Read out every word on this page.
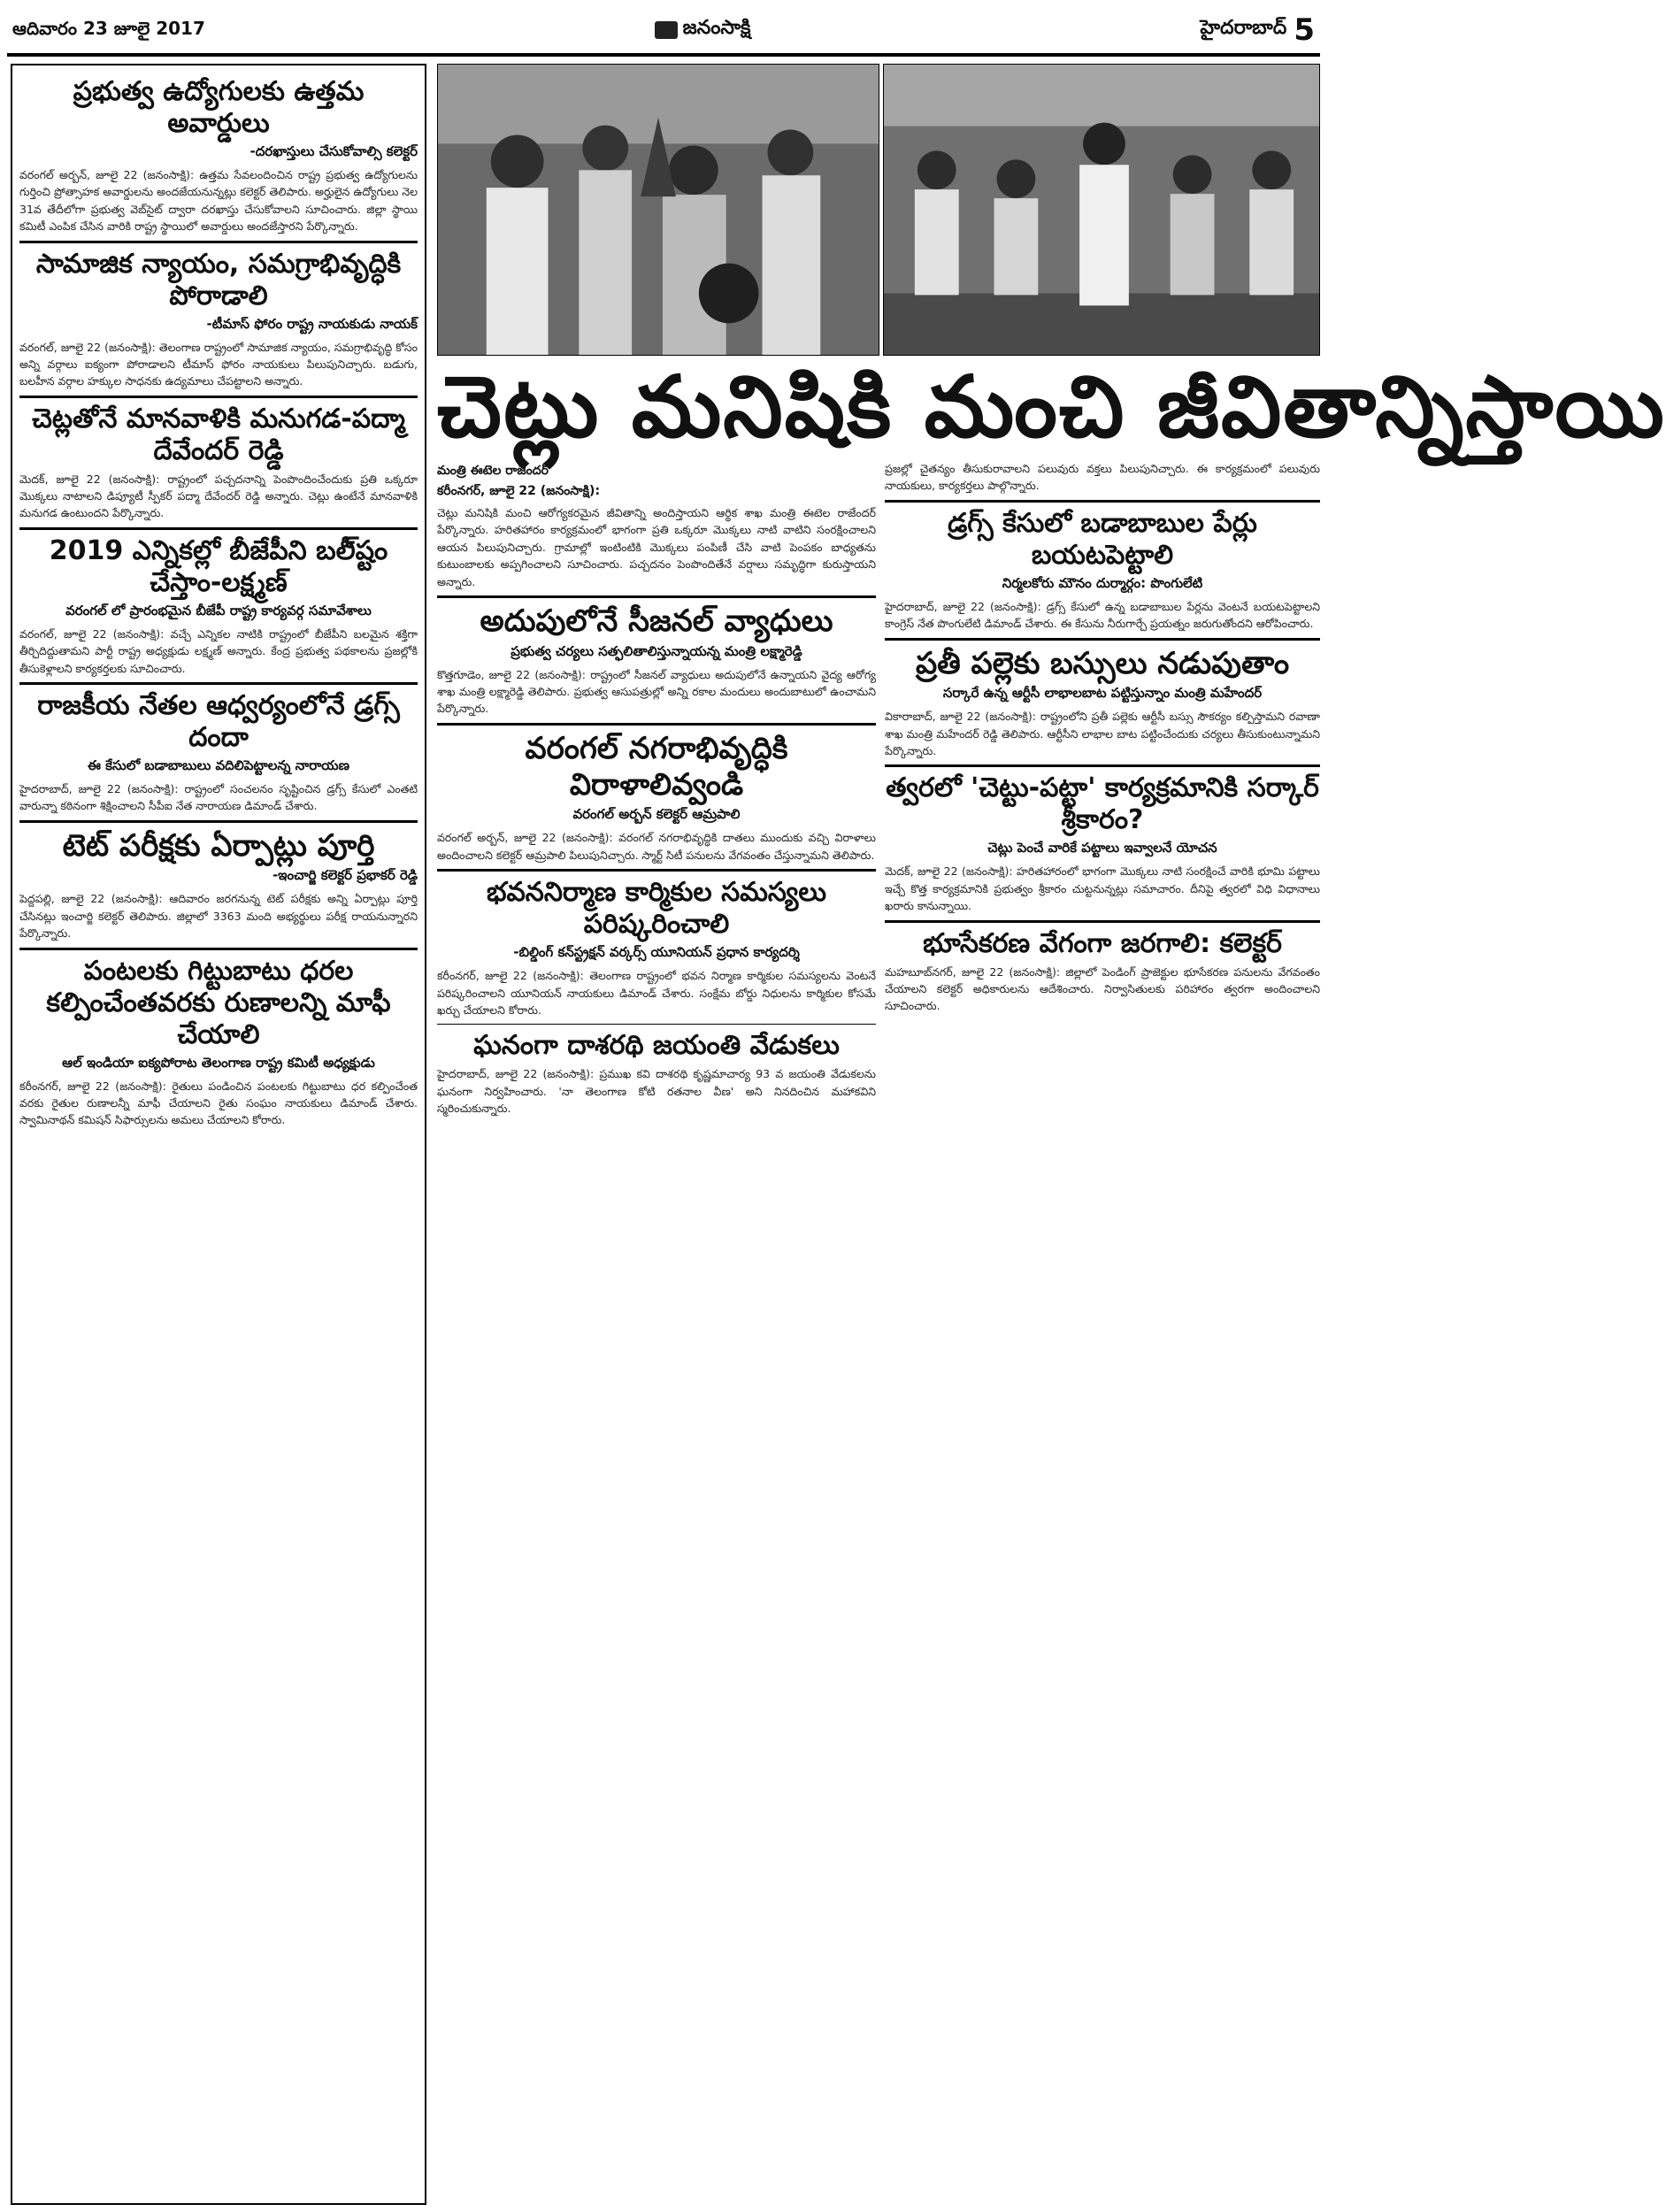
ఆదివారం 23 జూలై 2017	జనంసాక్షి	హైదరాబాద్ 5
ప్రభుత్వ ఉద్యోగులకు ఉత్తమ అవార్డులు
-దరఖాస్తులు చేసుకోవాల్సి కలెక్టర్

వరంగల్ అర్బన్, జూలై 22 (జనంసాక్షి): ఉత్తమ సేవలందించిన రాష్ట్ర ప్రభుత్వ ఉద్యోగులను గుర్తించి ప్రోత్సాహక అవార్డులను అందజేయనున్నట్లు కలెక్టర్ తెలిపారు. అర్హులైన ఉద్యోగులు నెల 31వ తేదీలోగా ప్రభుత్వ వెబ్‌సైట్ ద్వారా దరఖాస్తు చేసుకోవాలని సూచించారు. జిల్లా స్థాయి కమిటీ ఎంపిక చేసిన వారికి రాష్ట్ర స్థాయిలో అవార్డులు అందజేస్తారని పేర్కొన్నారు.

సామాజిక న్యాయం, సమగ్రాభివృద్ధికి పోరాడాలి
-టీమాస్ ఫోరం రాష్ట్ర నాయకుడు నాయక్

వరంగల్, జూలై 22 (జనంసాక్షి): తెలంగాణ రాష్ట్రంలో సామాజిక న్యాయం, సమగ్రాభివృద్ధి కోసం అన్ని వర్గాలు ఐక్యంగా పోరాడాలని టీమాస్ ఫోరం నాయకులు పిలుపునిచ్చారు. బడుగు, బలహీన వర్గాల హక్కుల సాధనకు ఉద్యమాలు చేపట్టాలని అన్నారు.

చెట్లతోనే మానవాళికి మనుగడ-పద్మా దేవేందర్ రెడ్డి

మెదక్, జూలై 22 (జనంసాక్షి): రాష్ట్రంలో పచ్చదనాన్ని పెంపొందించేందుకు ప్రతి ఒక్కరూ మొక్కలు నాటాలని డిప్యూటీ స్పీకర్ పద్మా దేవేందర్ రెడ్డి అన్నారు. చెట్లు ఉంటేనే మానవాళికి మనుగడ ఉంటుందని పేర్కొన్నారు.

2019 ఎన్నికల్లో బీజేపీని బలీ్ష్టం చేస్తాం-లక్ష్మణ్
వరంగల్ లో ప్రారంభమైన బీజేపీ రాష్ట్ర కార్యవర్గ సమావేశాలు

వరంగల్, జూలై 22 (జనంసాక్షి): వచ్చే ఎన్నికల నాటికి రాష్ట్రంలో బీజేపీని బలమైన శక్తిగా తీర్చిదిద్దుతామని పార్టీ రాష్ట్ర అధ్యక్షుడు లక్ష్మణ్ అన్నారు. కేంద్ర ప్రభుత్వ పథకాలను ప్రజల్లోకి తీసుకెళ్లాలని కార్యకర్తలకు సూచించారు.

రాజకీయ నేతల ఆధ్వర్యంలోనే డ్రగ్స్ దందా
ఈ కేసులో బడాబాబులు వదిలిపెట్టాలన్న నారాయణ

హైదరాబాద్, జూలై 22 (జనంసాక్షి): రాష్ట్రంలో సంచలనం సృష్టించిన డ్రగ్స్ కేసులో ఎంతటి వారున్నా కఠినంగా శిక్షించాలని సీపీఐ నేత నారాయణ డిమాండ్ చేశారు.

టెట్ పరీక్షకు ఏర్పాట్లు పూర్తి
-ఇంచార్జి కలెక్టర్ ప్రభాకర్ రెడ్డి

పెద్దపల్లి, జూలై 22 (జనంసాక్షి): ఆదివారం జరగనున్న టెట్ పరీక్షకు అన్ని ఏర్పాట్లు పూర్తి చేసినట్లు ఇంచార్జి కలెక్టర్ తెలిపారు. జిల్లాలో 3363 మంది అభ్యర్థులు పరీక్ష రాయనున్నారని పేర్కొన్నారు.

పంటలకు గిట్టుబాటు ధరల కల్పించేంతవరకు రుణాలన్ని మాఫీ చేయాలి
ఆల్ ఇండియా ఐక్యపోరాట తెలంగాణ రాష్ట్ర కమిటీ అధ్యక్షుడు

కరీంనగర్, జూలై 22 (జనంసాక్షి): రైతులు పండించిన పంటలకు గిట్టుబాటు ధర కల్పించేంత వరకు రైతుల రుణాలన్నీ మాఫీ చేయాలని రైతు సంఘం నాయకులు డిమాండ్ చేశారు. స్వామినాథన్ కమిషన్ సిఫార్సులను అమలు చేయాలని కోరారు.

చెట్లు మనిషికి మంచి జీవితాన్నిస్తాయి
మంత్రి ఈటెల రాజేందర్
కరీంనగర్, జూలై 22 (జనంసాక్షి):

చెట్లు మనిషికి మంచి ఆరోగ్యకరమైన జీవితాన్ని అందిస్తాయని ఆర్థిక శాఖ మంత్రి ఈటెల రాజేందర్ పేర్కొన్నారు. హరితహారం కార్యక్రమంలో భాగంగా ప్రతి ఒక్కరూ మొక్కలు నాటి వాటిని సంరక్షించాలని ఆయన పిలుపునిచ్చారు. గ్రామాల్లో ఇంటింటికి మొక్కలు పంపిణీ చేసి వాటి పెంపకం బాధ్యతను కుటుంబాలకు అప్పగించాలని సూచించారు. పచ్చదనం పెంపొందితేనే వర్షాలు సమృద్ధిగా కురుస్తాయని అన్నారు.

అదుపులోనే సీజనల్ వ్యాధులు
ప్రభుత్వ చర్యలు సత్ఫలితాలిస్తున్నాయన్న మంత్రి లక్ష్మారెడ్డి

కొత్తగూడెం, జూలై 22 (జనంసాక్షి): రాష్ట్రంలో సీజనల్ వ్యాధులు అదుపులోనే ఉన్నాయని వైద్య ఆరోగ్య శాఖ మంత్రి లక్ష్మారెడ్డి తెలిపారు. ప్రభుత్వ ఆసుపత్రుల్లో అన్ని రకాల మందులు అందుబాటులో ఉంచామని పేర్కొన్నారు.

వరంగల్ నగరాభివృద్ధికి విరాళాలివ్వండి
వరంగల్ అర్బన్ కలెక్టర్ ఆమ్రపాలి

వరంగల్ అర్బన్, జూలై 22 (జనంసాక్షి): వరంగల్ నగరాభివృద్ధికి దాతలు ముందుకు వచ్చి విరాళాలు అందించాలని కలెక్టర్ ఆమ్రపాలి పిలుపునిచ్చారు. స్మార్ట్ సిటీ పనులను వేగవంతం చేస్తున్నామని తెలిపారు.

భవననిర్మాణ కార్మికుల సమస్యలు పరిష్కరించాలి
-బిల్డింగ్ కన్‌స్ట్రక్షన్ వర్కర్స్ యూనియన్ ప్రధాన కార్యదర్శి

కరీంనగర్, జూలై 22 (జనంసాక్షి): తెలంగాణ రాష్ట్రంలో భవన నిర్మాణ కార్మికుల సమస్యలను వెంటనే పరిష్కరించాలని యూనియన్ నాయకులు డిమాండ్ చేశారు. సంక్షేమ బోర్డు నిధులను కార్మికుల కోసమే ఖర్చు చేయాలని కోరారు.

ఘనంగా దాశరథి జయంతి వేడుకలు

హైదరాబాద్, జూలై 22 (జనంసాక్షి): ప్రముఖ కవి దాశరథి కృష్ణమాచార్య 93 వ జయంతి వేడుకలను ఘనంగా నిర్వహించారు. 'నా తెలంగాణ కోటి రతనాల వీణ' అని నినదించిన మహాకవిని స్మరించుకున్నారు.

ప్రజల్లో చైతన్యం తీసుకురావాలని పలువురు వక్తలు పిలుపునిచ్చారు. ఈ కార్యక్రమంలో పలువురు నాయకులు, కార్యకర్తలు పాల్గొన్నారు.

డ్రగ్స్ కేసులో బడాబాబుల పేర్లు బయటపెట్టాలి
నిర్మలకోరు మౌనం దుర్మార్గం: పొంగులేటి

హైదరాబాద్, జూలై 22 (జనంసాక్షి): డ్రగ్స్ కేసులో ఉన్న బడాబాబుల పేర్లను వెంటనే బయటపెట్టాలని కాంగ్రెస్ నేత పొంగులేటి డిమాండ్ చేశారు. ఈ కేసును నీరుగార్చే ప్రయత్నం జరుగుతోందని ఆరోపించారు.

ప్రతీ పల్లెకు బస్సులు నడుపుతాం
సర్కారే ఉన్న ఆర్టీసీ లాభాలబాట పట్టిస్తున్నాం మంత్రి మహేందర్

వికారాబాద్, జూలై 22 (జనంసాక్షి): రాష్ట్రంలోని ప్రతీ పల్లెకు ఆర్టీసీ బస్సు సౌకర్యం కల్పిస్తామని రవాణా శాఖ మంత్రి మహేందర్ రెడ్డి తెలిపారు. ఆర్టీసీని లాభాల బాట పట్టించేందుకు చర్యలు తీసుకుంటున్నామని పేర్కొన్నారు.

త్వరలో 'చెట్టు-పట్టా' కార్యక్రమానికి సర్కార్ శ్రీకారం?
చెట్లు పెంచే వారికే పట్టాలు ఇవ్వాలనే యోచన

మెదక్, జూలై 22 (జనంసాక్షి): హరితహారంలో భాగంగా మొక్కలు నాటి సంరక్షించే వారికి భూమి పట్టాలు ఇచ్చే కొత్త కార్యక్రమానికి ప్రభుత్వం శ్రీకారం చుట్టనున్నట్లు సమాచారం. దీనిపై త్వరలో విధి విధానాలు ఖరారు కానున్నాయి.

భూసేకరణ వేగంగా జరగాలి: కలెక్టర్

మహబూబ్‌నగర్, జూలై 22 (జనంసాక్షి): జిల్లాలో పెండింగ్ ప్రాజెక్టుల భూసేకరణ పనులను వేగవంతం చేయాలని కలెక్టర్ అధికారులను ఆదేశించారు. నిర్వాసితులకు పరిహారం త్వరగా అందించాలని సూచించారు.
